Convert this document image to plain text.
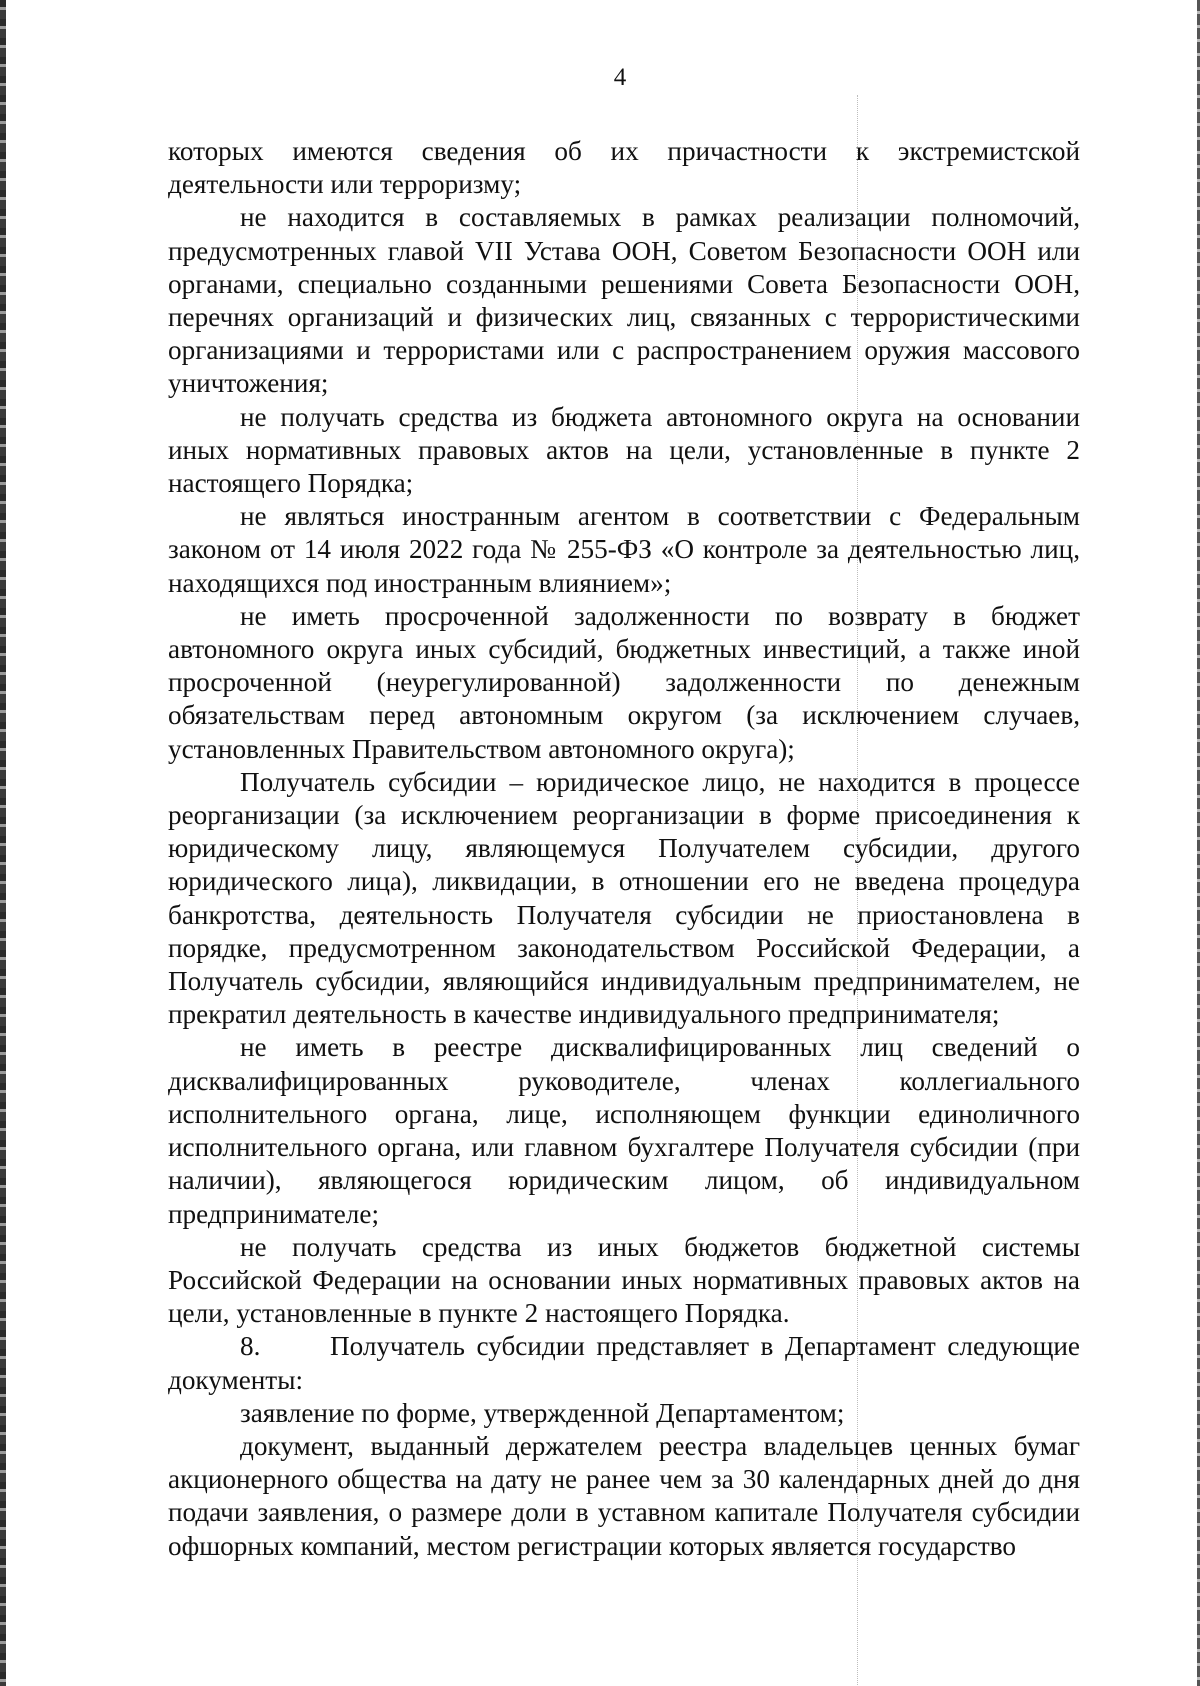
4

которых имеются сведения об их причастности к экстремистской деятельности или терроризму;

не находится в составляемых в рамках реализации полномочий, предусмотренных главой VII Устава ООН, Советом Безопасности ООН или органами, специально созданными решениями Совета Безопасности ООН, перечнях организаций и физических лиц, связанных с террористическими организациями и террористами или с распространением оружия массового уничтожения;

не получать средства из бюджета автономного округа на основании иных нормативных правовых актов на цели, установленные в пункте 2 настоящего Порядка;

не являться иностранным агентом в соответствии с Федеральным законом от 14 июля 2022 года № 255-ФЗ «О контроле за деятельностью лиц, находящихся под иностранным влиянием»;

не иметь просроченной задолженности по возврату в бюджет автономного округа иных субсидий, бюджетных инвестиций, а также иной просроченной (неурегулированной) задолженности по денежным обязательствам перед автономным округом (за исключением случаев, установленных Правительством автономного округа);

Получатель субсидии – юридическое лицо, не находится в процессе реорганизации (за исключением реорганизации в форме присоединения к юридическому лицу, являющемуся Получателем субсидии, другого юридического лица), ликвидации, в отношении его не введена процедура банкротства, деятельность Получателя субсидии не приостановлена в порядке, предусмотренном законодательством Российской Федерации, а Получатель субсидии, являющийся индивидуальным предпринимателем, не прекратил деятельность в качестве индивидуального предпринимателя;

не иметь в реестре дисквалифицированных лиц сведений о дисквалифицированных руководителе, членах коллегиального исполнительного органа, лице, исполняющем функции единоличного исполнительного органа, или главном бухгалтере Получателя субсидии (при наличии), являющегося юридическим лицом, об индивидуальном предпринимателе;

не получать средства из иных бюджетов бюджетной системы Российской Федерации на основании иных нормативных правовых актов на цели, установленные в пункте 2 настоящего Порядка.

8.      Получатель субсидии представляет в Департамент следующие документы:

заявление по форме, утвержденной Департаментом;

документ, выданный держателем реестра владельцев ценных бумаг акционерного общества на дату не ранее чем за 30 календарных дней до дня подачи заявления, о размере доли в уставном капитале Получателя субсидии офшорных компаний, местом регистрации которых является государство
